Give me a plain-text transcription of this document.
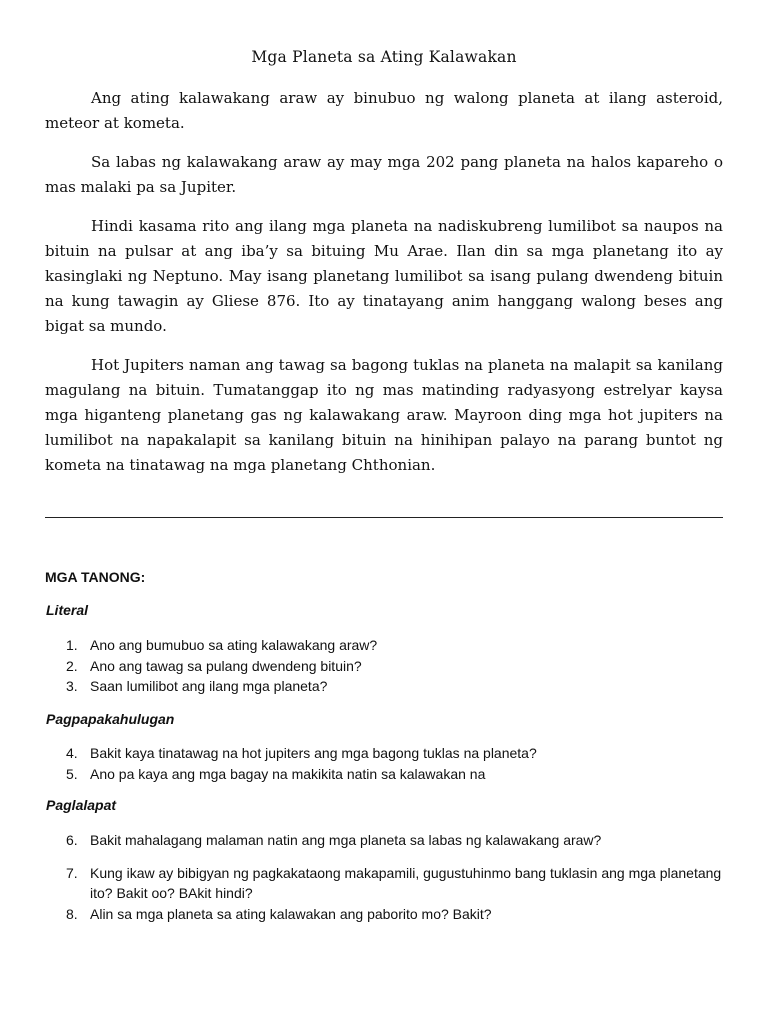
Mga Planeta sa Ating Kalawakan

Ang ating kalawakang araw ay binubuo ng walong planeta at ilang asteroid, meteor at kometa.

Sa labas ng kalawakang araw ay may mga 202 pang planeta na halos kapareho o mas malaki pa sa Jupiter.

Hindi kasama rito ang ilang mga planeta na nadiskubreng lumilibot sa naupos na bituin na pulsar at ang iba’y sa bituing Mu Arae. Ilan din sa mga planetang ito ay kasinglaki ng Neptuno. May isang planetang lumilibot sa isang pulang dwendeng bituin na kung tawagin ay Gliese 876. Ito ay tinatayang anim hanggang walong beses ang bigat sa mundo.

Hot Jupiters naman ang tawag sa bagong tuklas na planeta na malapit sa kanilang magulang na bituin. Tumatanggap ito ng mas matinding radyasyong estrelyar kaysa mga higanteng planetang gas ng kalawakang araw. Mayroon ding mga hot jupiters na lumilibot na napakalapit sa kanilang bituin na hinihipan palayo na parang buntot ng kometa na tinatawag na mga planetang Chthonian.

MGA TANONG:
Literal
1. Ano ang bumubuo sa ating kalawakang araw?
2. Ano ang tawag sa pulang dwendeng bituin?
3. Saan lumilibot ang ilang mga planeta?
Pagpapakahulugan
4. Bakit kaya tinatawag na hot jupiters ang mga bagong tuklas na planeta?
5. Ano pa kaya ang mga bagay na makikita natin sa kalawakan na
Paglalapat
6. Bakit mahalagang malaman natin ang mga planeta sa labas ng kalawakang araw?
7. Kung ikaw ay bibigyan ng pagkakataong makapamili, gugustuhinmo bang tuklasin ang mga planetang ito? Bakit oo? BAkit hindi?
8. Alin sa mga planeta sa ating kalawakan ang paborito mo? Bakit?
